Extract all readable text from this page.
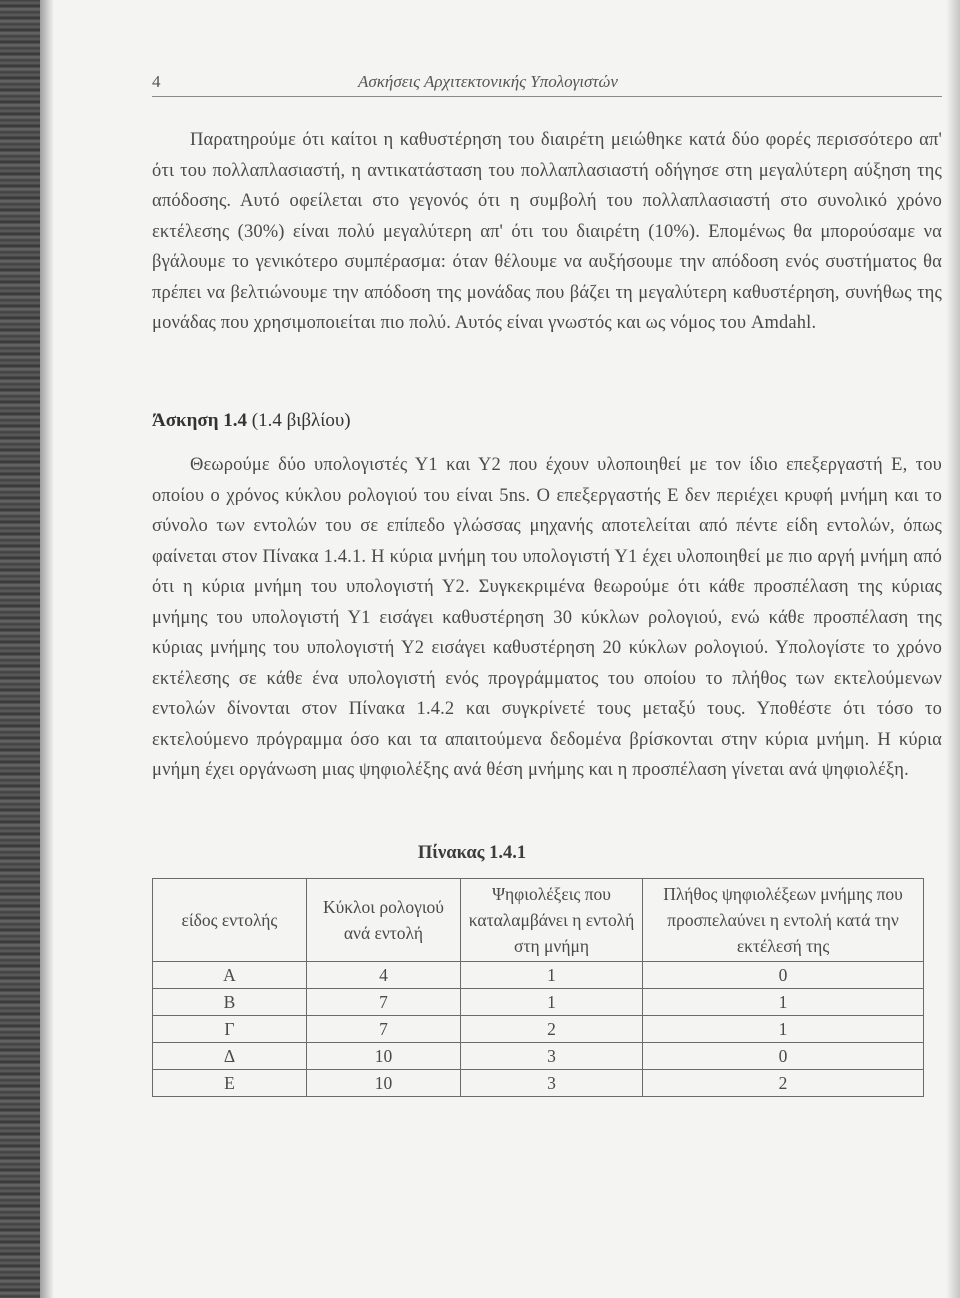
4	Ασκήσεις Αρχιτεκτονικής Υπολογιστών
Παρατηρούμε ότι καίτοι η καθυστέρηση του διαιρέτη μειώθηκε κατά δύο φορές περισσότερο απ' ότι του πολλαπλασιαστή, η αντικατάσταση του πολλαπλασιαστή οδήγησε στη μεγαλύτερη αύξηση της απόδοσης. Αυτό οφείλεται στο γεγονός ότι η συμβολή του πολλαπλασιαστή στο συνολικό χρόνο εκτέλεσης (30%) είναι πολύ μεγαλύτερη απ' ότι του διαιρέτη (10%). Επομένως θα μπορούσαμε να βγάλουμε το γενικότερο συμπέρασμα: όταν θέλουμε να αυξήσουμε την απόδοση ενός συστήματος θα πρέπει να βελτιώνουμε την απόδοση της μονάδας που βάζει τη μεγαλύτερη καθυστέρηση, συνήθως της μονάδας που χρησιμοποιείται πιο πολύ. Αυτός είναι γνωστός και ως νόμος του Amdahl.
Άσκηση 1.4 (1.4 βιβλίου)
Θεωρούμε δύο υπολογιστές Υ1 και Υ2 που έχουν υλοποιηθεί με τον ίδιο επεξεργαστή Ε, του οποίου ο χρόνος κύκλου ρολογιού του είναι 5ns. Ο επεξεργαστής Ε δεν περιέχει κρυφή μνήμη και το σύνολο των εντολών του σε επίπεδο γλώσσας μηχανής αποτελείται από πέντε είδη εντολών, όπως φαίνεται στον Πίνακα 1.4.1. Η κύρια μνήμη του υπολογιστή Υ1 έχει υλοποιηθεί με πιο αργή μνήμη από ότι η κύρια μνήμη του υπολογιστή Υ2. Συγκεκριμένα θεωρούμε ότι κάθε προσπέλαση της κύριας μνήμης του υπολογιστή Υ1 εισάγει καθυστέρηση 30 κύκλων ρολογιού, ενώ κάθε προσπέλαση της κύριας μνήμης του υπολογιστή Υ2 εισάγει καθυστέρηση 20 κύκλων ρολογιού. Υπολογίστε το χρόνο εκτέλεσης σε κάθε ένα υπολογιστή ενός προγράμματος του οποίου το πλήθος των εκτελούμενων εντολών δίνονται στον Πίνακα 1.4.2 και συγκρίνετέ τους μεταξύ τους. Υποθέστε ότι τόσο το εκτελούμενο πρόγραμμα όσο και τα απαιτούμενα δεδομένα βρίσκονται στην κύρια μνήμη. Η κύρια μνήμη έχει οργάνωση μιας ψηφιολέξης ανά θέση μνήμης και η προσπέλαση γίνεται ανά ψηφιολέξη.
Πίνακας 1.4.1
είδος εντολής	Κύκλοι ρολογιού ανά εντολή	Ψηφιολέξεις που καταλαμβάνει η εντολή στη μνήμη	Πλήθος ψηφιολέξεων μνήμης που προσπελαύνει η εντολή κατά την εκτέλεσή της
Α	4	1	0
Β	7	1	1
Γ	7	2	1
Δ	10	3	0
Ε	10	3	2
